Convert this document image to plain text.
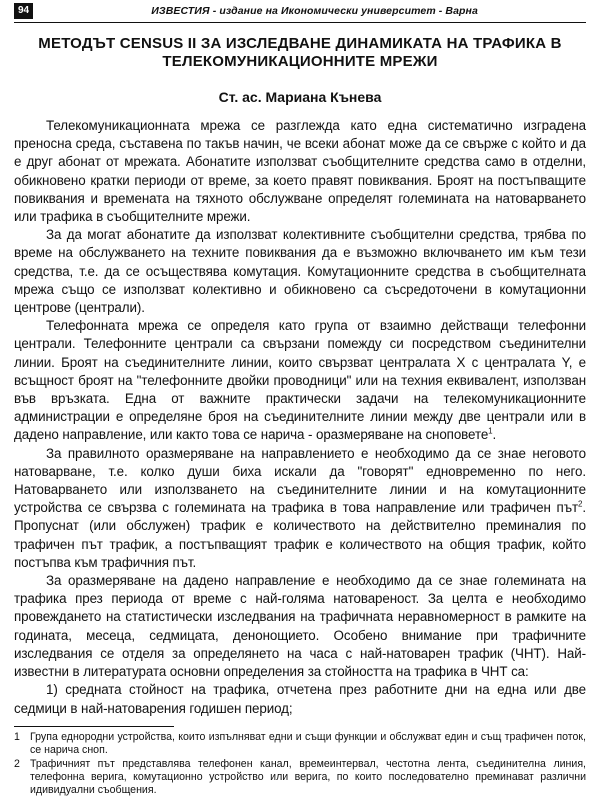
94	ИЗВЕСТИЯ - издание на Икономически университет - Варна
МЕТОДЪТ CENSUS II ЗА ИЗСЛЕДВАНЕ ДИНАМИКАТА НА ТРАФИКА В ТЕЛЕКОМУНИКАЦИОННИТЕ МРЕЖИ
Ст. ас. Мариана Кънева

Телекомуникационната мрежа се разглежда като една систематично изградена преносна среда, съставена по такъв начин, че всеки абонат може да се свърже с който и да е друг абонат от мрежата. Абонатите използват съобщителните средства само в отделни, обикновено кратки периоди от време, за което правят повиквания. Броят на постъпващите повиквания и времената на тяхното обслужване определят големината на натоварването или трафика в съобщителните мрежи.

За да могат абонатите да използват колективните съобщителни средства, трябва по време на обслужването на техните повиквания да е възможно включването им към тези средства, т.е. да се осъществява комутация. Комутационните средства в съобщителната мрежа също се използват колективно и обикновено са съсредоточени в комутационни центрове (централи).

Телефонната мрежа се определя като група от взаимно действащи телефонни централи. Телефонните централи са свързани помежду си посредством съединителни линии. Броят на съединителните линии, които свързват централата X с централата Y, е всъщност броят на "телефонните двойки проводници" или на техния еквивалент, използван във връзката. Една от важните практически задачи на телекомуникационните администрации е определяне броя на съединителните линии между две централи или в дадено направление, или както това се нарича - оразмеряване на сноповете$^1$.

За правилното оразмеряване на направлението е необходимо да се знае неговото натоварване, т.е. колко души биха искали да "говорят" едновременно по него. Натоварването или използването на съединителните линии и на комутационните устройства се свързва с големината на трафика в това направление или трафичен път$^2$. Пропуснат (или обслужен) трафик е количеството на действително преминалия по трафичен път трафик, а постъпващият трафик е количеството на общия трафик, който постъпва към трафичния път.

За оразмеряване на дадено направление е необходимо да се знае големината на трафика през периода от време с най-голяма натовареност. За целта е необходимо провеждането на статистически изследвания на трафичната неравномерност в рамките на годината, месеца, седмицата, денонощието. Особено внимание при трафичните изследвания се отделя за определянето на часа с най-натоварен трафик (ЧНТ). Най-известни в литературата основни определения за стойността на трафика в ЧНТ са:

1) средната стойност на трафика, отчетена през работните дни на една или две седмици в най-натоварения годишен период;

1 Група еднородни устройства, които изпълняват едни и същи функции и обслужват един и същ трафичен поток, се нарича сноп.
2 Трафичният път представлява телефонен канал, времеинтервал, честотна лента, съединителна линия, телефонна верига, комутационно устройство или верига, по които последователно преминават различни идивидуални съобщения.
